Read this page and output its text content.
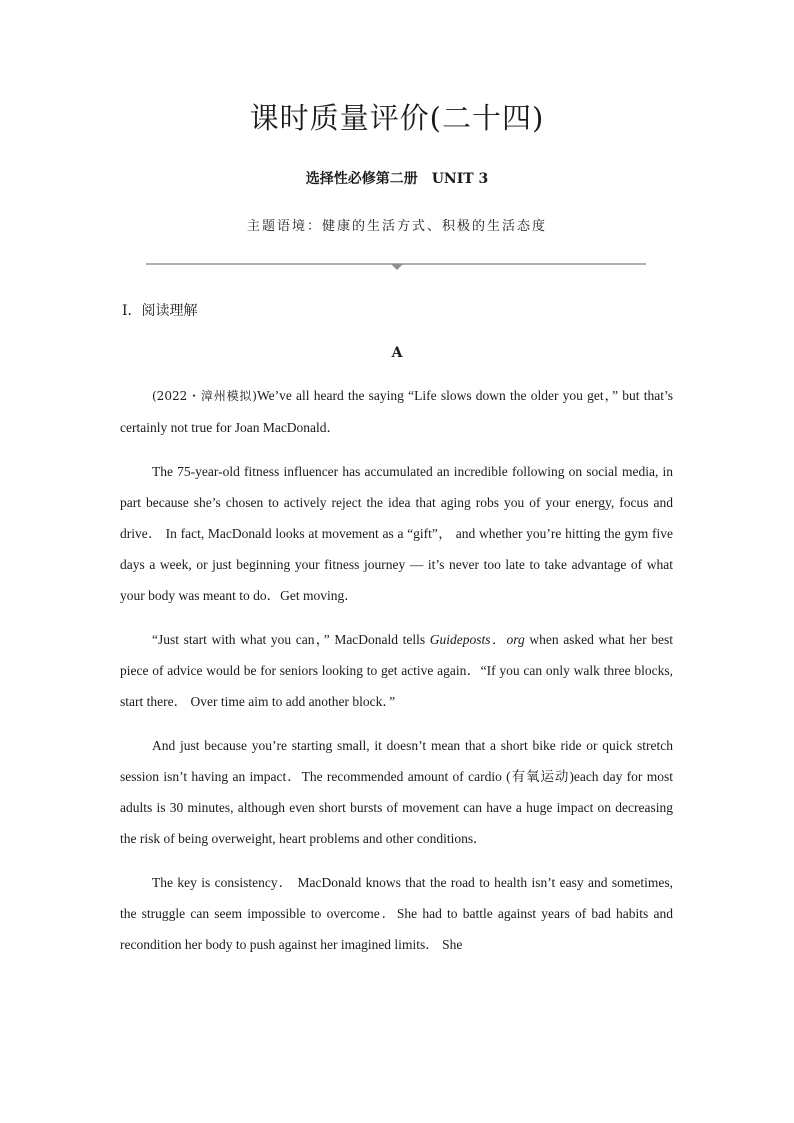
课时质量评价(二十四)
选择性必修第二册 UNIT 3
主题语境：健康的生活方式、积极的生活态度
Ⅰ．阅读理解
A

(2022・漳州模拟)We’ve all heard the saying “Life slows down the older you get，” but that’s certainly not true for Joan MacDonald．

The 75-year-old fitness influencer has accumulated an incredible following on social media, in part because she’s chosen to actively reject the idea that aging robs you of your energy, focus and drive． In fact, MacDonald looks at movement as a “gift”， and whether you’re hitting the gym five days a week, or just beginning your fitness journey — it’s never too late to take advantage of what your body was meant to do．Get moving．

“Just start with what you can，” MacDonald tells Guideposts．org when asked what her best piece of advice would be for seniors looking to get active again．“If you can only walk three blocks, start there． Over time aim to add another block．”

And just because you’re starting small, it doesn’t mean that a short bike ride or quick stretch session isn’t having an impact．The recommended amount of cardio (有氧运动)each day for most adults is 30 minutes, although even short bursts of movement can have a huge impact on decreasing the risk of being overweight, heart problems and other conditions．

The key is consistency． MacDonald knows that the road to health isn’t easy and sometimes, the struggle can seem impossible to overcome．She had to battle against years of bad habits and recondition her body to push against her imagined limits． She
